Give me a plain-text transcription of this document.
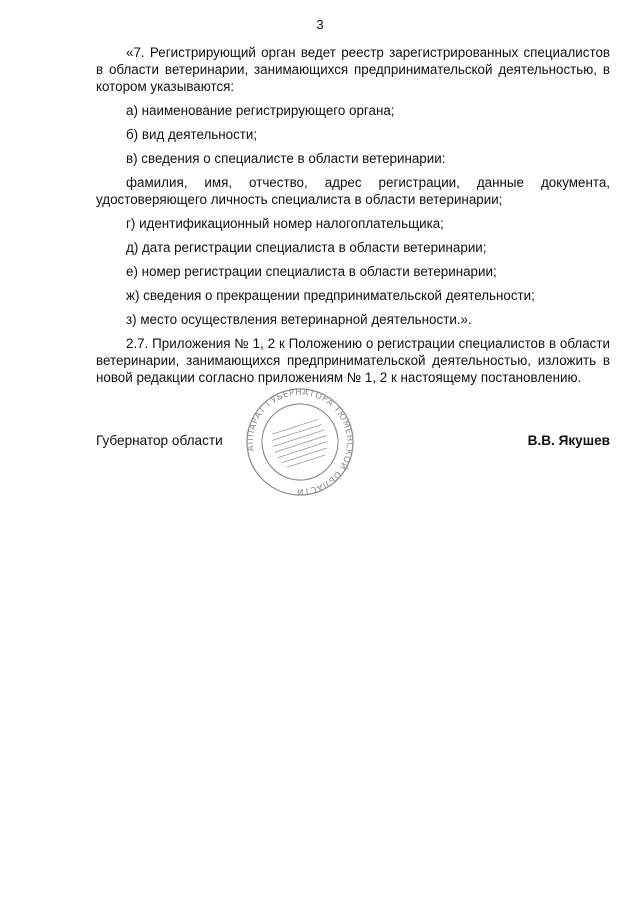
3

«7. Регистрирующий орган ведет реестр зарегистрированных специалистов в области ветеринарии, занимающихся предпринимательской деятельностью, в котором указываются:

а) наименование регистрирующего органа;

б) вид деятельности;

в) сведения о специалисте в области ветеринарии:

фамилия, имя, отчество, адрес регистрации, данные документа, удостоверяющего личность специалиста в области ветеринарии;

г) идентификационный номер налогоплательщика;

д) дата регистрации специалиста в области ветеринарии;

е) номер регистрации специалиста в области ветеринарии;

ж) сведения о прекращении предпринимательской деятельности;

з) место осуществления ветеринарной деятельности.».

2.7. Приложения № 1, 2 к Положению о регистрации специалистов в области ветеринарии, занимающихся предпринимательской деятельностью, изложить в новой редакции согласно приложениям № 1, 2 к настоящему постановлению.

Губернатор области	В.В. Якушев
АППАРАТ ГУБЕРНАТОРА ТЮМЕНСКОЙ ОБЛАСТИ
